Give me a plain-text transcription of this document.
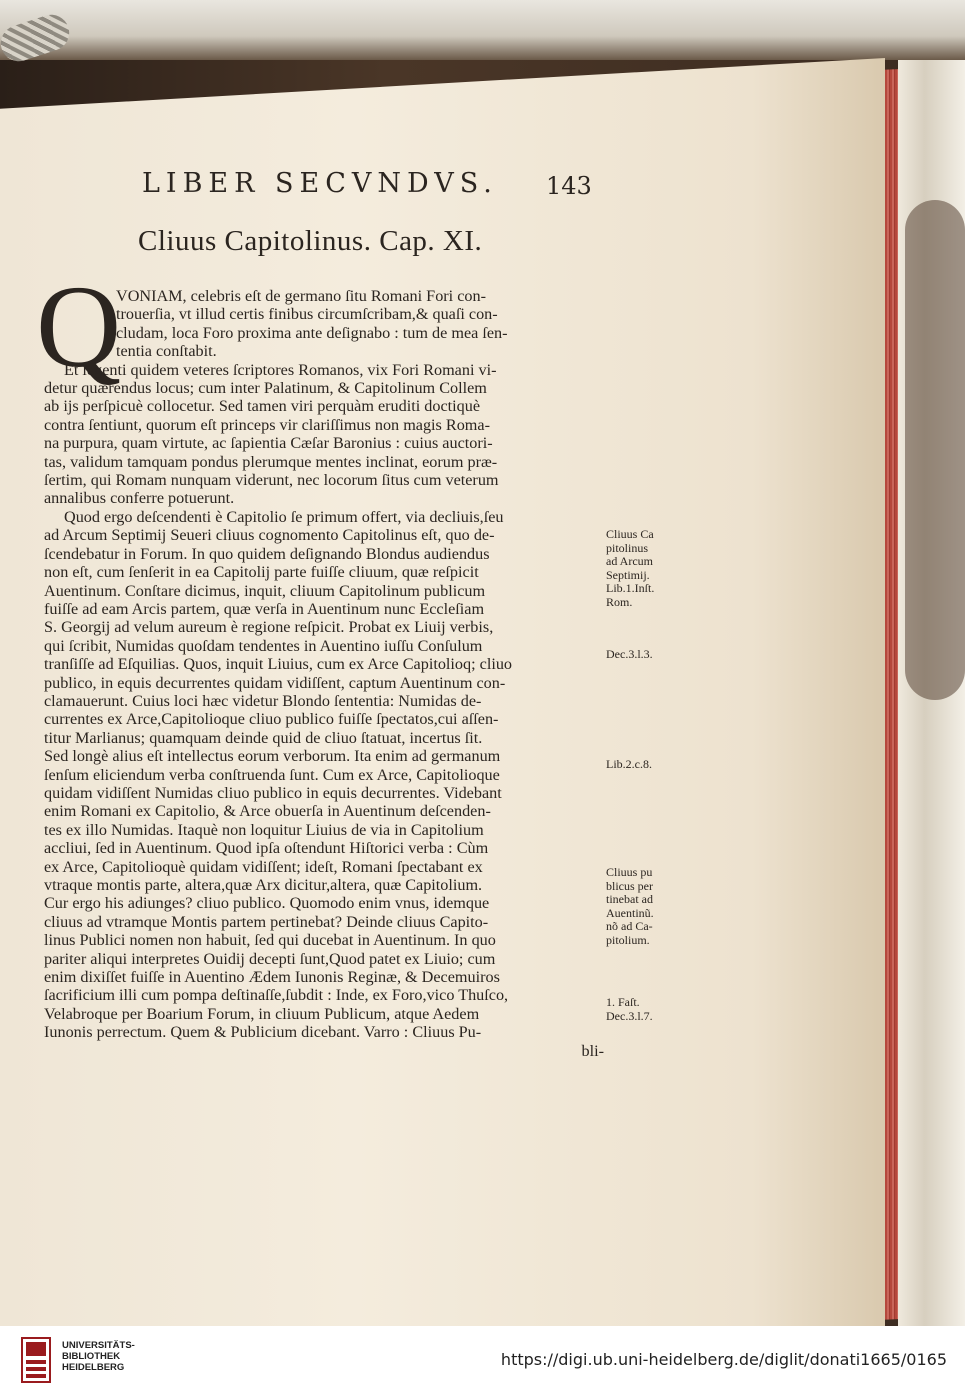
LIBER SECVNDVS. 143
Cliuus Capitolinus. Cap. XI.
Q
VONIAM, celebris eſt de germano ſitu Romani Fori con-
trouerſia, vt illud certis finibus circumſcribam,& quaſi con-
cludam, loca Foro proxima ante deſignabo : tum de mea ſen-
tentia conſtabit.
Et legenti quidem veteres ſcriptores Romanos, vix Fori Romani vi-
detur quærendus locus; cum inter Palatinum, & Capitolinum Collem
ab ijs perſpicuè collocetur. Sed tamen viri perquàm eruditi doctiquè
contra ſentiunt, quorum eſt princeps vir clariſſimus non magis Roma-
na purpura, quam virtute, ac ſapientia Cæſar Baronius : cuius auctori-
tas, validum tamquam pondus plerumque mentes inclinat, eorum præ-
ſertim, qui Romam nunquam viderunt, nec locorum ſitus cum veterum
annalibus conferre potuerunt.
Quod ergo deſcendenti è Capitolio ſe primum offert, via decliuis,ſeu
ad Arcum Septimij Seueri cliuus cognomento Capitolinus eſt, quo de-
ſcendebatur in Forum. In quo quidem deſignando Blondus audiendus
non eſt, cum ſenſerit in ea Capitolij parte fuiſſe cliuum, quæ reſpicit
Auentinum. Conſtare dicimus, inquit, cliuum Capitolinum publicum
fuiſſe ad eam Arcis partem, quæ verſa in Auentinum nunc Eccleſiam
S. Georgij ad velum aureum è regione reſpicit. Probat ex Liuij verbis,
qui ſcribit, Numidas quoſdam tendentes in Auentino iuſſu Conſulum
tranſiſſe ad Eſquilias. Quos, inquit Liuius, cum ex Arce Capitolioq; cliuo
publico, in equis decurrentes quidam vidiſſent, captum Auentinum con-
clamauerunt. Cuius loci hæc videtur Blondo ſententia: Numidas de-
currentes ex Arce,Capitolioque cliuo publico fuiſſe ſpectatos,cui aſſen-
titur Marlianus; quamquam deinde quid de cliuo ſtatuat, incertus ſit.
Sed longè alius eſt intellectus eorum verborum. Ita enim ad germanum
ſenſum eliciendum verba conſtruenda ſunt. Cum ex Arce, Capitolioque
quidam vidiſſent Numidas cliuo publico in equis decurrentes. Videbant
enim Romani ex Capitolio, & Arce obuerſa in Auentinum deſcenden-
tes ex illo Numidas. Itaquè non loquitur Liuius de via in Capitolium
accliui, ſed in Auentinum. Quod ipſa oſtendunt Hiſtorici verba : Cùm
ex Arce, Capitolioquè quidam vidiſſent; ideſt, Romani ſpectabant ex
vtraque montis parte, altera,quæ Arx dicitur,altera, quæ Capitolium.
Cur ergo his adiunges? cliuo publico. Quomodo enim vnus, idemque
cliuus ad vtramque Montis partem pertinebat? Deinde cliuus Capito-
linus Publici nomen non habuit, ſed qui ducebat in Auentinum. In quo
pariter aliqui interpretes Ouidij decepti ſunt,Quod patet ex Liuio; cum
enim dixiſſet fuiſſe in Auentino Ædem Iunonis Reginæ, & Decemuiros
ſacrificium illi cum pompa deſtinaſſe,ſubdit : Inde, ex Foro,vico Thuſco,
Velabroque per Boarium Forum, in cliuum Publicum, atque Aedem
Iunonis perrectum. Quem & Publicium dicebant. Varro : Cliuus Pu-
bli-
Cliuus Ca
pitolinus
ad Arcum
Septimij.
Lib.1.Inſt.
Rom.
Dec.3.l.3.
Lib.2.c.8.
Cliuus pu
blicus per
tinebat ad
Auentinũ.
nõ ad Ca-
pitolium.
1. Faſt.
Dec.3.l.7.
UNIVERSITÄTS-
BIBLIOTHEK
HEIDELBERG	https://digi.ub.uni-heidelberg.de/diglit/donati1665/0165
